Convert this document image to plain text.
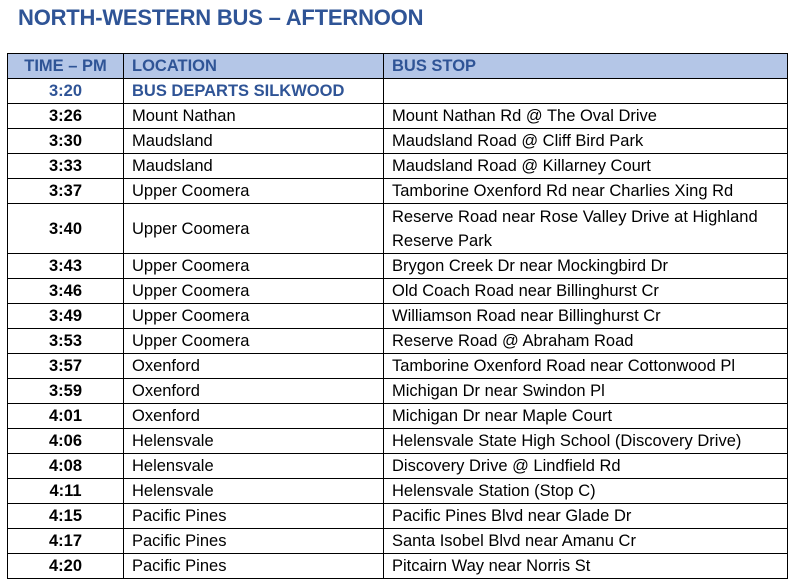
NORTH-WESTERN BUS – AFTERNOON
TIME – PM	LOCATION	BUS STOP
3:20	BUS DEPARTS SILKWOOD	
3:26	Mount Nathan	Mount Nathan Rd @ The Oval Drive
3:30	Maudsland	Maudsland Road @ Cliff Bird Park
3:33	Maudsland	Maudsland Road @ Killarney Court
3:37	Upper Coomera	Tamborine Oxenford Rd near Charlies Xing Rd
3:40	Upper Coomera	Reserve Road near Rose Valley Drive at Highland Reserve Park
3:43	Upper Coomera	Brygon Creek Dr near Mockingbird Dr
3:46	Upper Coomera	Old Coach Road near Billinghurst Cr
3:49	Upper Coomera	Williamson Road near Billinghurst Cr
3:53	Upper Coomera	Reserve Road @ Abraham Road
3:57	Oxenford	Tamborine Oxenford Road near Cottonwood Pl
3:59	Oxenford	Michigan Dr near Swindon Pl
4:01	Oxenford	Michigan Dr near Maple Court
4:06	Helensvale	Helensvale State High School (Discovery Drive)
4:08	Helensvale	Discovery Drive @ Lindfield Rd
4:11	Helensvale	Helensvale Station (Stop C)
4:15	Pacific Pines	Pacific Pines Blvd near Glade Dr
4:17	Pacific Pines	Santa Isobel Blvd near Amanu Cr
4:20	Pacific Pines	Pitcairn Way near Norris St
